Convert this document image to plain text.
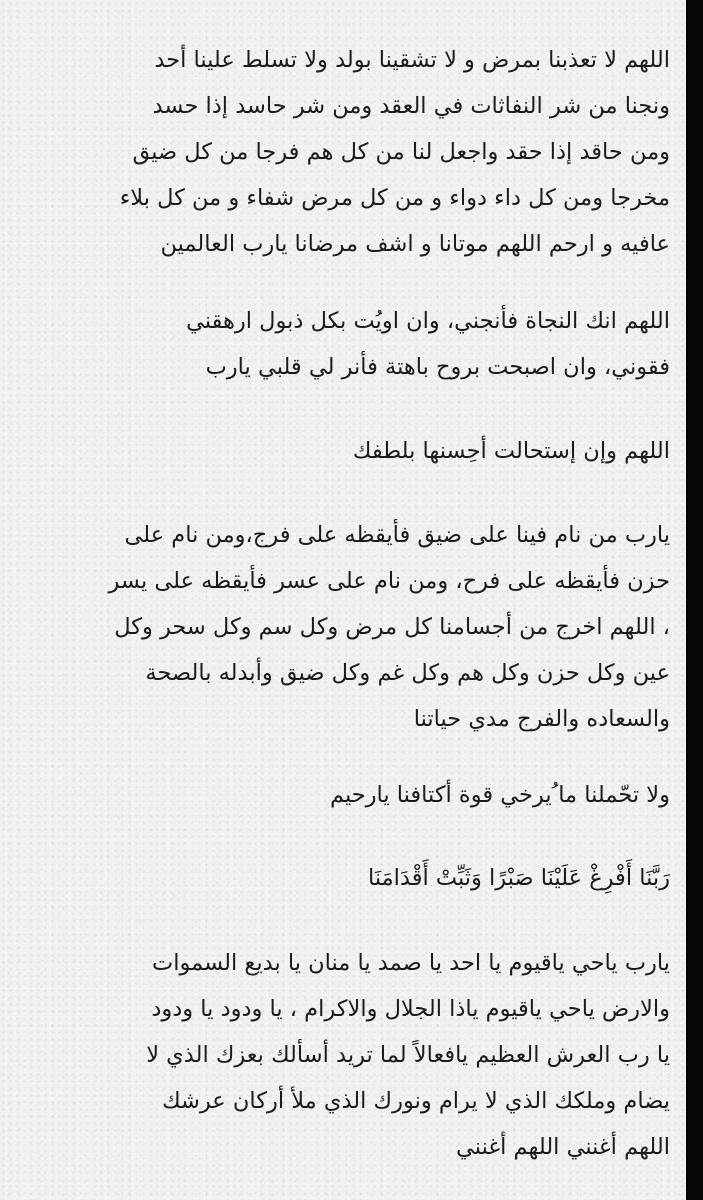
اللهم لا تعذبنا بمرض و لا تشقينا بولد ولا تسلط علينا أحد
ونجنا من شر النفاثات في العقد ومن شر حاسد إذا حسد
ومن حاقد إذا حقد واجعل لنا من كل هم فرجا من كل ضيق
مخرجا ومن كل داء دواء و من كل مرض شفاء و من كل بلاء
عافيه و ارحم اللهم موتانا و اشف مرضانا يارب العالمين

اللهم انك النجاة فأنجني، وان اويُت بكل ذبول ارهقني
فقوني، وان اصبحت بروح باهتة فأنر لي قلبي يارب

اللهم وإن إستحالت أحِسنها بلطفك

يارب من نام فينا على ضيق فأيقظه على فرج،ومن نام على
حزن فأيقظه على فرح، ومن نام على عسر فأيقظه على يسر
، اللهم اخرج من أجسامنا كل مرض وكل سم وكل سحر وكل
عين وكل حزن وكل هم وكل غم وكل ضيق وأبدله بالصحة
والسعاده والفرج مدي حياتنا

ولا تحّملنا ما ُيرخي قوة أكتافنا يارحيم

رَبَّنَا أَفْرِغْ عَلَيْنَا صَبْرًا وَثَبِّتْ أَقْدَامَنَا

يارب ياحي ياقيوم يا احد يا صمد يا منان يا بديع السموات
والارض ياحي ياقيوم ياذا الجلال والاكرام ، يا ودود يا ودود
يا رب العرش العظيم يافعالاً لما تريد أسألك بعزك الذي لا
يضام وملكك الذي لا يرام ونورك الذي ملأ أركان عرشك
اللهم أغنني اللهم أغنني
